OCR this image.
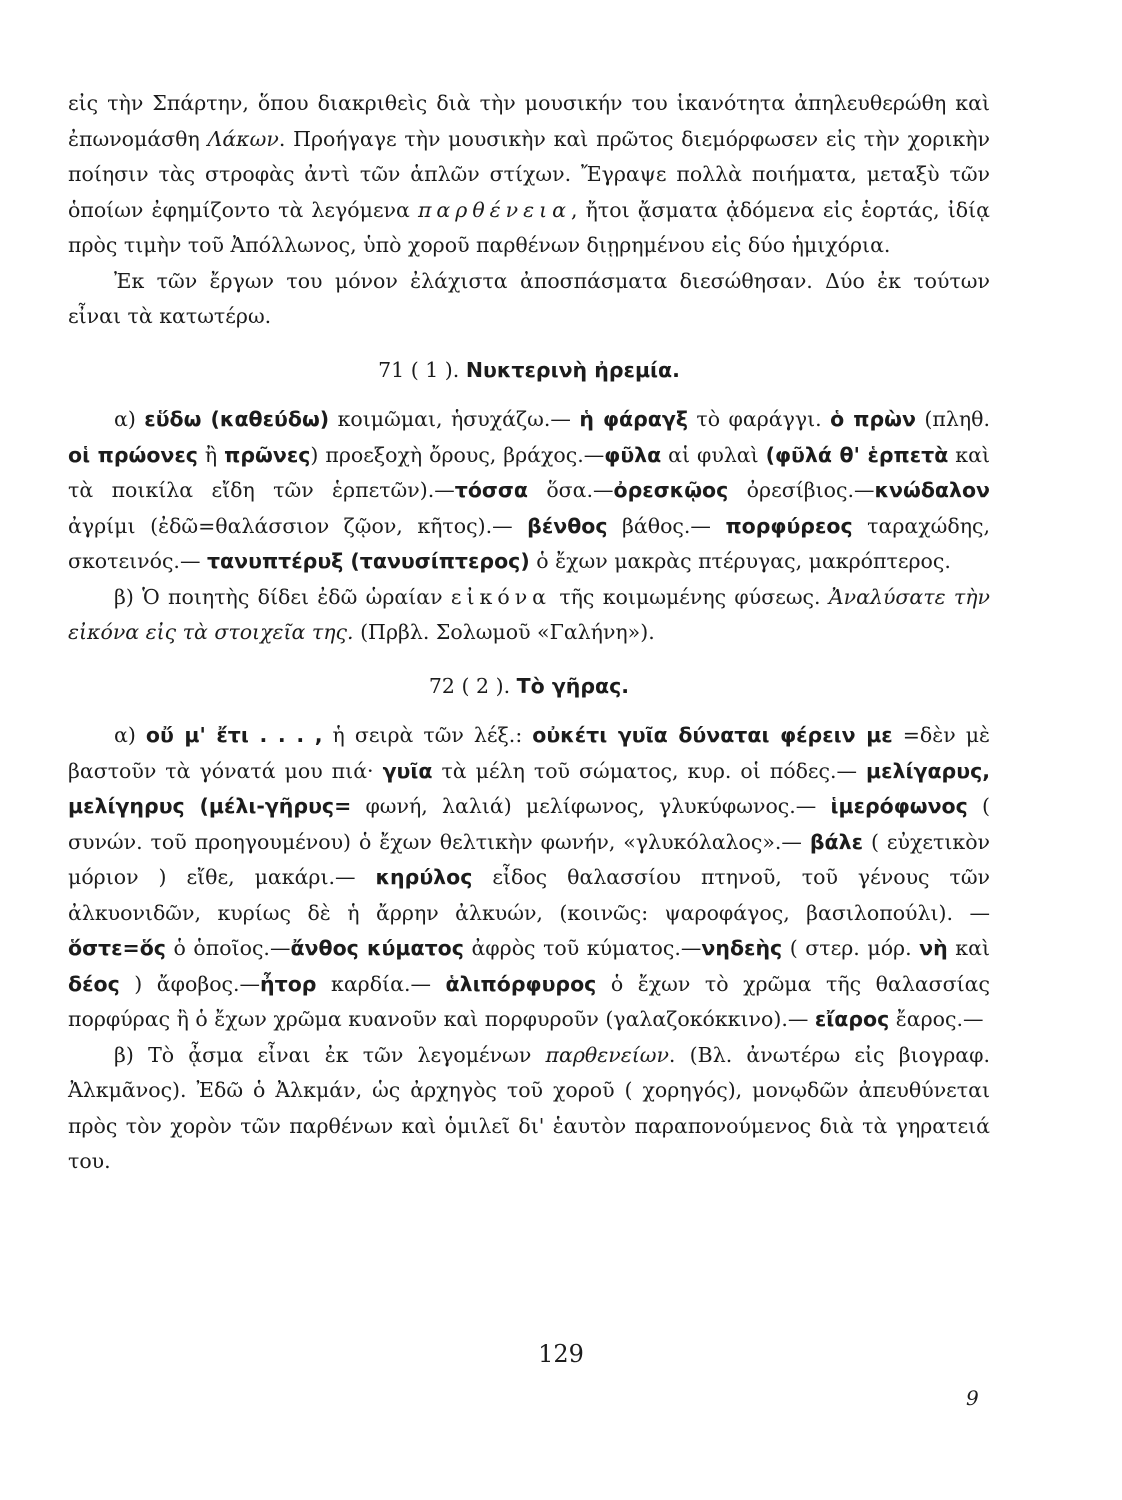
εἰς τὴν Σπάρτην, ὅπου διακριθεὶς διὰ τὴν μουσικήν του ἱκανότητα ἀπηλευθερώθη καὶ ἐπωνομάσθη Λάκων. Προήγαγε τὴν μουσικὴν καὶ πρῶτος διεμόρφωσεν εἰς τὴν χορικὴν ποίησιν τὰς στροφὰς ἀντὶ τῶν ἁπλῶν στίχων. Ἔγραψε πολλὰ ποιήματα, μεταξὺ τῶν ὁποίων ἐφημίζοντο τὰ λεγόμενα παρθένεια, ἤτοι ᾄσματα ᾀδόμενα εἰς ἑορτάς, ἰδίᾳ πρὸς τιμὴν τοῦ Ἀπόλλωνος, ὑπὸ χοροῦ παρθένων διῃρημένου εἰς δύο ἡμιχόρια.

Ἐκ τῶν ἔργων του μόνον ἐλάχιστα ἀποσπάσματα διεσώθησαν. Δύο ἐκ τούτων εἶναι τὰ κατωτέρω.

71 ( 1 ). Νυκτερινὴ ἠρεμία.

α) εὕδω (καθεύδω) κοιμῶμαι, ἡσυχάζω.— ἡ φάραγξ τὸ φαράγγι. ὁ πρὼν (πληθ. οἱ πρώονες ἢ πρῶνες) προεξοχὴ ὄρους, βράχος.—φῦλα αἱ φυλαὶ (φῦλά θ' ἑρπετὰ καὶ τὰ ποικίλα εἴδη τῶν ἑρπετῶν).—τόσσα ὅσα.—ὀρεσκῷος ὀρεσίβιος.—κνώδαλον ἀγρίμι (ἐδῶ=θαλάσσιον ζῷον, κῆτος).— βένθος βάθος.— πορφύρεος ταραχώδης, σκοτεινός.— τανυπτέρυξ (τανυσίπτερος) ὁ ἔχων μακρὰς πτέρυγας, μακρόπτερος.

β) Ὁ ποιητὴς δίδει ἐδῶ ὡραίαν εἰκόνα τῆς κοιμωμένης φύσεως. Ἀναλύσατε τὴν εἰκόνα εἰς τὰ στοιχεῖα της. (Πρβλ. Σολωμοῦ «Γαλήνη»).

72 ( 2 ). Τὸ γῆρας.

α) οὔ μ' ἔτι . . . , ἡ σειρὰ τῶν λέξ.: οὐκέτι γυῖα δύναται φέρειν με =δὲν μὲ βαστοῦν τὰ γόνατά μου πιά· γυῖα τὰ μέλη τοῦ σώματος, κυρ. οἱ πόδες.— μελίγαρυς, μελίγηρυς (μέλι-γῆρυς= φωνή, λαλιά) μελίφωνος, γλυκύφωνος.— ἱμερόφωνος ( συνών. τοῦ προηγουμένου) ὁ ἔχων θελτικὴν φωνήν, «γλυκόλαλος».— βάλε ( εὐχετικὸν μόριον ) εἴθε, μακάρι.— κηρύλος εἶδος θαλασσίου πτηνοῦ, τοῦ γένους τῶν ἀλκυονιδῶν, κυρίως δὲ ἡ ἄρρην ἀλκυών, (κοινῶς: ψαροφάγος, βασιλοπούλι). —ὅστε=ὅς ὁ ὁποῖος.—ἄνθος κύματος ἀφρὸς τοῦ κύματος.—νηδεὴς ( στερ. μόρ. νὴ καὶ δέος ) ἄφοβος.—ἦτορ καρδία.— ἁλιπόρφυρος ὁ ἔχων τὸ χρῶμα τῆς θαλασσίας πορφύρας ἢ ὁ ἔχων χρῶμα κυανοῦν καὶ πορφυροῦν (γαλαζοκόκκινο).— εἴαρος ἔαρος.—

β) Τὸ ᾆσμα εἶναι ἐκ τῶν λεγομένων παρθενείων. (Βλ. ἀνωτέρω εἰς βιογραφ. Ἀλκμᾶνος). Ἐδῶ ὁ Ἀλκμάν, ὡς ἀρχηγὸς τοῦ χοροῦ ( χορηγός), μονῳδῶν ἀπευθύνεται πρὸς τὸν χορὸν τῶν παρθένων καὶ ὁμιλεῖ δι' ἑαυτὸν παραπονούμενος διὰ τὰ γηρατειά του.

129
9
